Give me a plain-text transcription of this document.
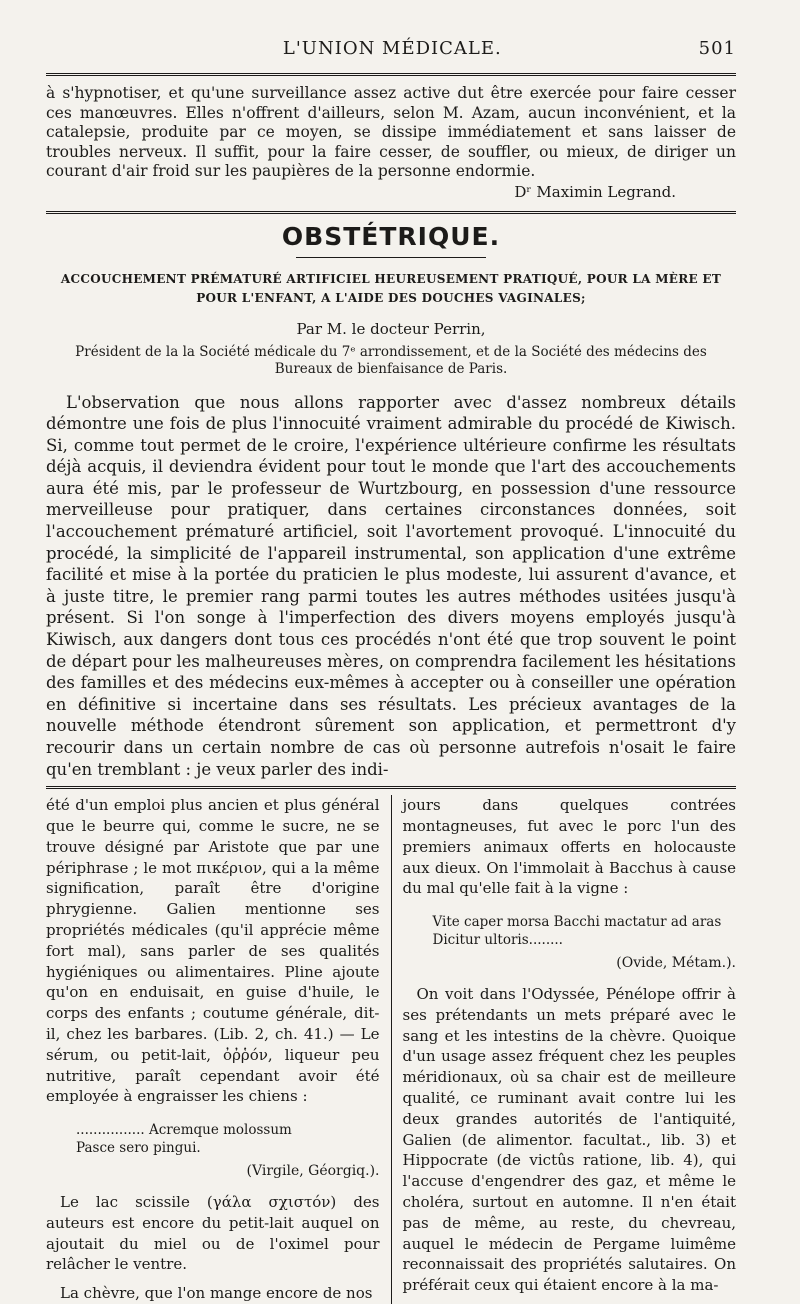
L'UNION MÉDICALE.	501

à s'hypnotiser, et qu'une surveillance assez active dut être exercée pour faire cesser ces manœuvres. Elles n'offrent d'ailleurs, selon M. Azam, aucun inconvénient, et la catalepsie, produite par ce moyen, se dissipe immédiatement et sans laisser de troubles nerveux. Il suffit, pour la faire cesser, de souffler, ou mieux, de diriger un courant d'air froid sur les paupières de la personne endormie.

Dʳ Maximin Legrand.
OBSTÉTRIQUE.
ACCOUCHEMENT PRÉMATURÉ ARTIFICIEL HEUREUSEMENT PRATIQUÉ, POUR LA MÈRE ET
POUR L'ENFANT, A L'AIDE DES DOUCHES VAGINALES;
Par M. le docteur Perrin,
Président de la la Société médicale du 7ᵉ arrondissement, et de la Société des médecins des Bureaux de bienfaisance de Paris.

L'observation que nous allons rapporter avec d'assez nombreux détails démontre une fois de plus l'innocuité vraiment admirable du procédé de Kiwisch. Si, comme tout permet de le croire, l'expérience ultérieure confirme les résultats déjà acquis, il deviendra évident pour tout le monde que l'art des accouchements aura été mis, par le professeur de Wurtzbourg, en possession d'une ressource merveilleuse pour pratiquer, dans certaines circonstances données, soit l'accouchement prématuré artificiel, soit l'avortement provoqué. L'innocuité du procédé, la simplicité de l'appareil instrumental, son application d'une extrême facilité et mise à la portée du praticien le plus modeste, lui assurent d'avance, et à juste titre, le premier rang parmi toutes les autres méthodes usitées jusqu'à présent. Si l'on songe à l'imperfection des divers moyens employés jusqu'à Kiwisch, aux dangers dont tous ces procédés n'ont été que trop souvent le point de départ pour les malheureuses mères, on comprendra facilement les hésitations des familles et des médecins eux-mêmes à accepter ou à conseiller une opération en définitive si incertaine dans ses résultats. Les précieux avantages de la nouvelle méthode étendront sûrement son application, et permettront d'y recourir dans un certain nombre de cas où personne autrefois n'osait le faire qu'en tremblant : je veux parler des indi-

été d'un emploi plus ancien et plus général que le beurre qui, comme le sucre, ne se trouve désigné par Aristote que par une périphrase ; le mot πικέριον, qui a la même signification, paraît être d'origine phrygienne. Galien mentionne ses propriétés médicales (qu'il apprécie même fort mal), sans parler de ses qualités hygiéniques ou alimentaires. Pline ajoute qu'on en enduisait, en guise d'huile, le corps des enfants ; coutume générale, dit-il, chez les barbares. (Lib. 2, ch. 41.) — Le sérum, ou petit-lait, ὀῤῥόν, liqueur peu nutritive, paraît cependant avoir été employée à engraisser les chiens :

................ Acremque molossum
Pasce sero pingui.
(Virgile, Géorgiq.).

Le lac scissile (γάλα σχιστόν) des auteurs est encore du petit-lait auquel on ajoutait du miel ou de l'oximel pour relâcher le ventre.

La chèvre, que l'on mange encore de nos

jours dans quelques contrées montagneuses, fut avec le porc l'un des premiers animaux offerts en holocauste aux dieux. On l'immolait à Bacchus à cause du mal qu'elle fait à la vigne :

Vite caper morsa Bacchi mactatur ad aras
Dicitur ultoris........
(Ovide, Métam.).

On voit dans l'Odyssée, Pénélope offrir à ses prétendants un mets préparé avec le sang et les intestins de la chèvre. Quoique d'un usage assez fréquent chez les peuples méridionaux, où sa chair est de meilleure qualité, ce ruminant avait contre lui les deux grandes autorités de l'antiquité, Galien (de alimentor. facultat., lib. 3) et Hippocrate (de victûs ratione, lib. 4), qui l'accuse d'engendrer des gaz, et même le choléra, surtout en automne. Il n'en était pas de même, au reste, du chevreau, auquel le médecin de Pergame luimême reconnaissait des propriétés salutaires. On préférait ceux qui étaient encore à la ma-
